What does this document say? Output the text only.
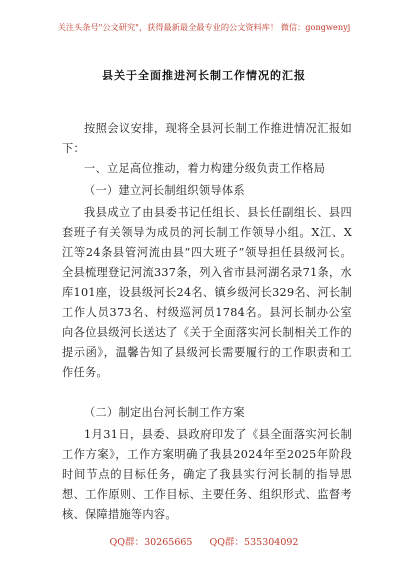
关注头条号"公文研究"，获得最新最全最专业的公文资料库！ 微信：gongwenyj
县关于全面推进河长制工作情况的汇报
按照会议安排，现将全县河长制工作推进情况汇报如下：
一、立足高位推动，着力构建分级负责工作格局
（一）建立河长制组织领导体系
我县成立了由县委书记任组长、县长任副组长、县四套班子有关领导为成员的河长制工作领导小组。X江、X江等24条县管河流由县“四大班子”领导担任县级河长。全县梳理登记河流337条，列入省市县河湖名录71条，水库101座，设县级河长24名、镇乡级河长329名、河长制工作人员373名、村级巡河员1784名。县河长制办公室向各位县级河长送达了《关于全面落实河长制相关工作的提示函》，温馨告知了县级河长需要履行的工作职责和工作任务。
（二）制定出台河长制工作方案
1月31日，县委、县政府印发了《县全面落实河长制工作方案》，工作方案明确了我县2024年至2025年阶段时间节点的目标任务，确定了我县实行河长制的指导思想、工作原则、工作目标、主要任务、组织形式、监督考核、保障措施等内容。
QQ群：30265665 QQ群：535304092
